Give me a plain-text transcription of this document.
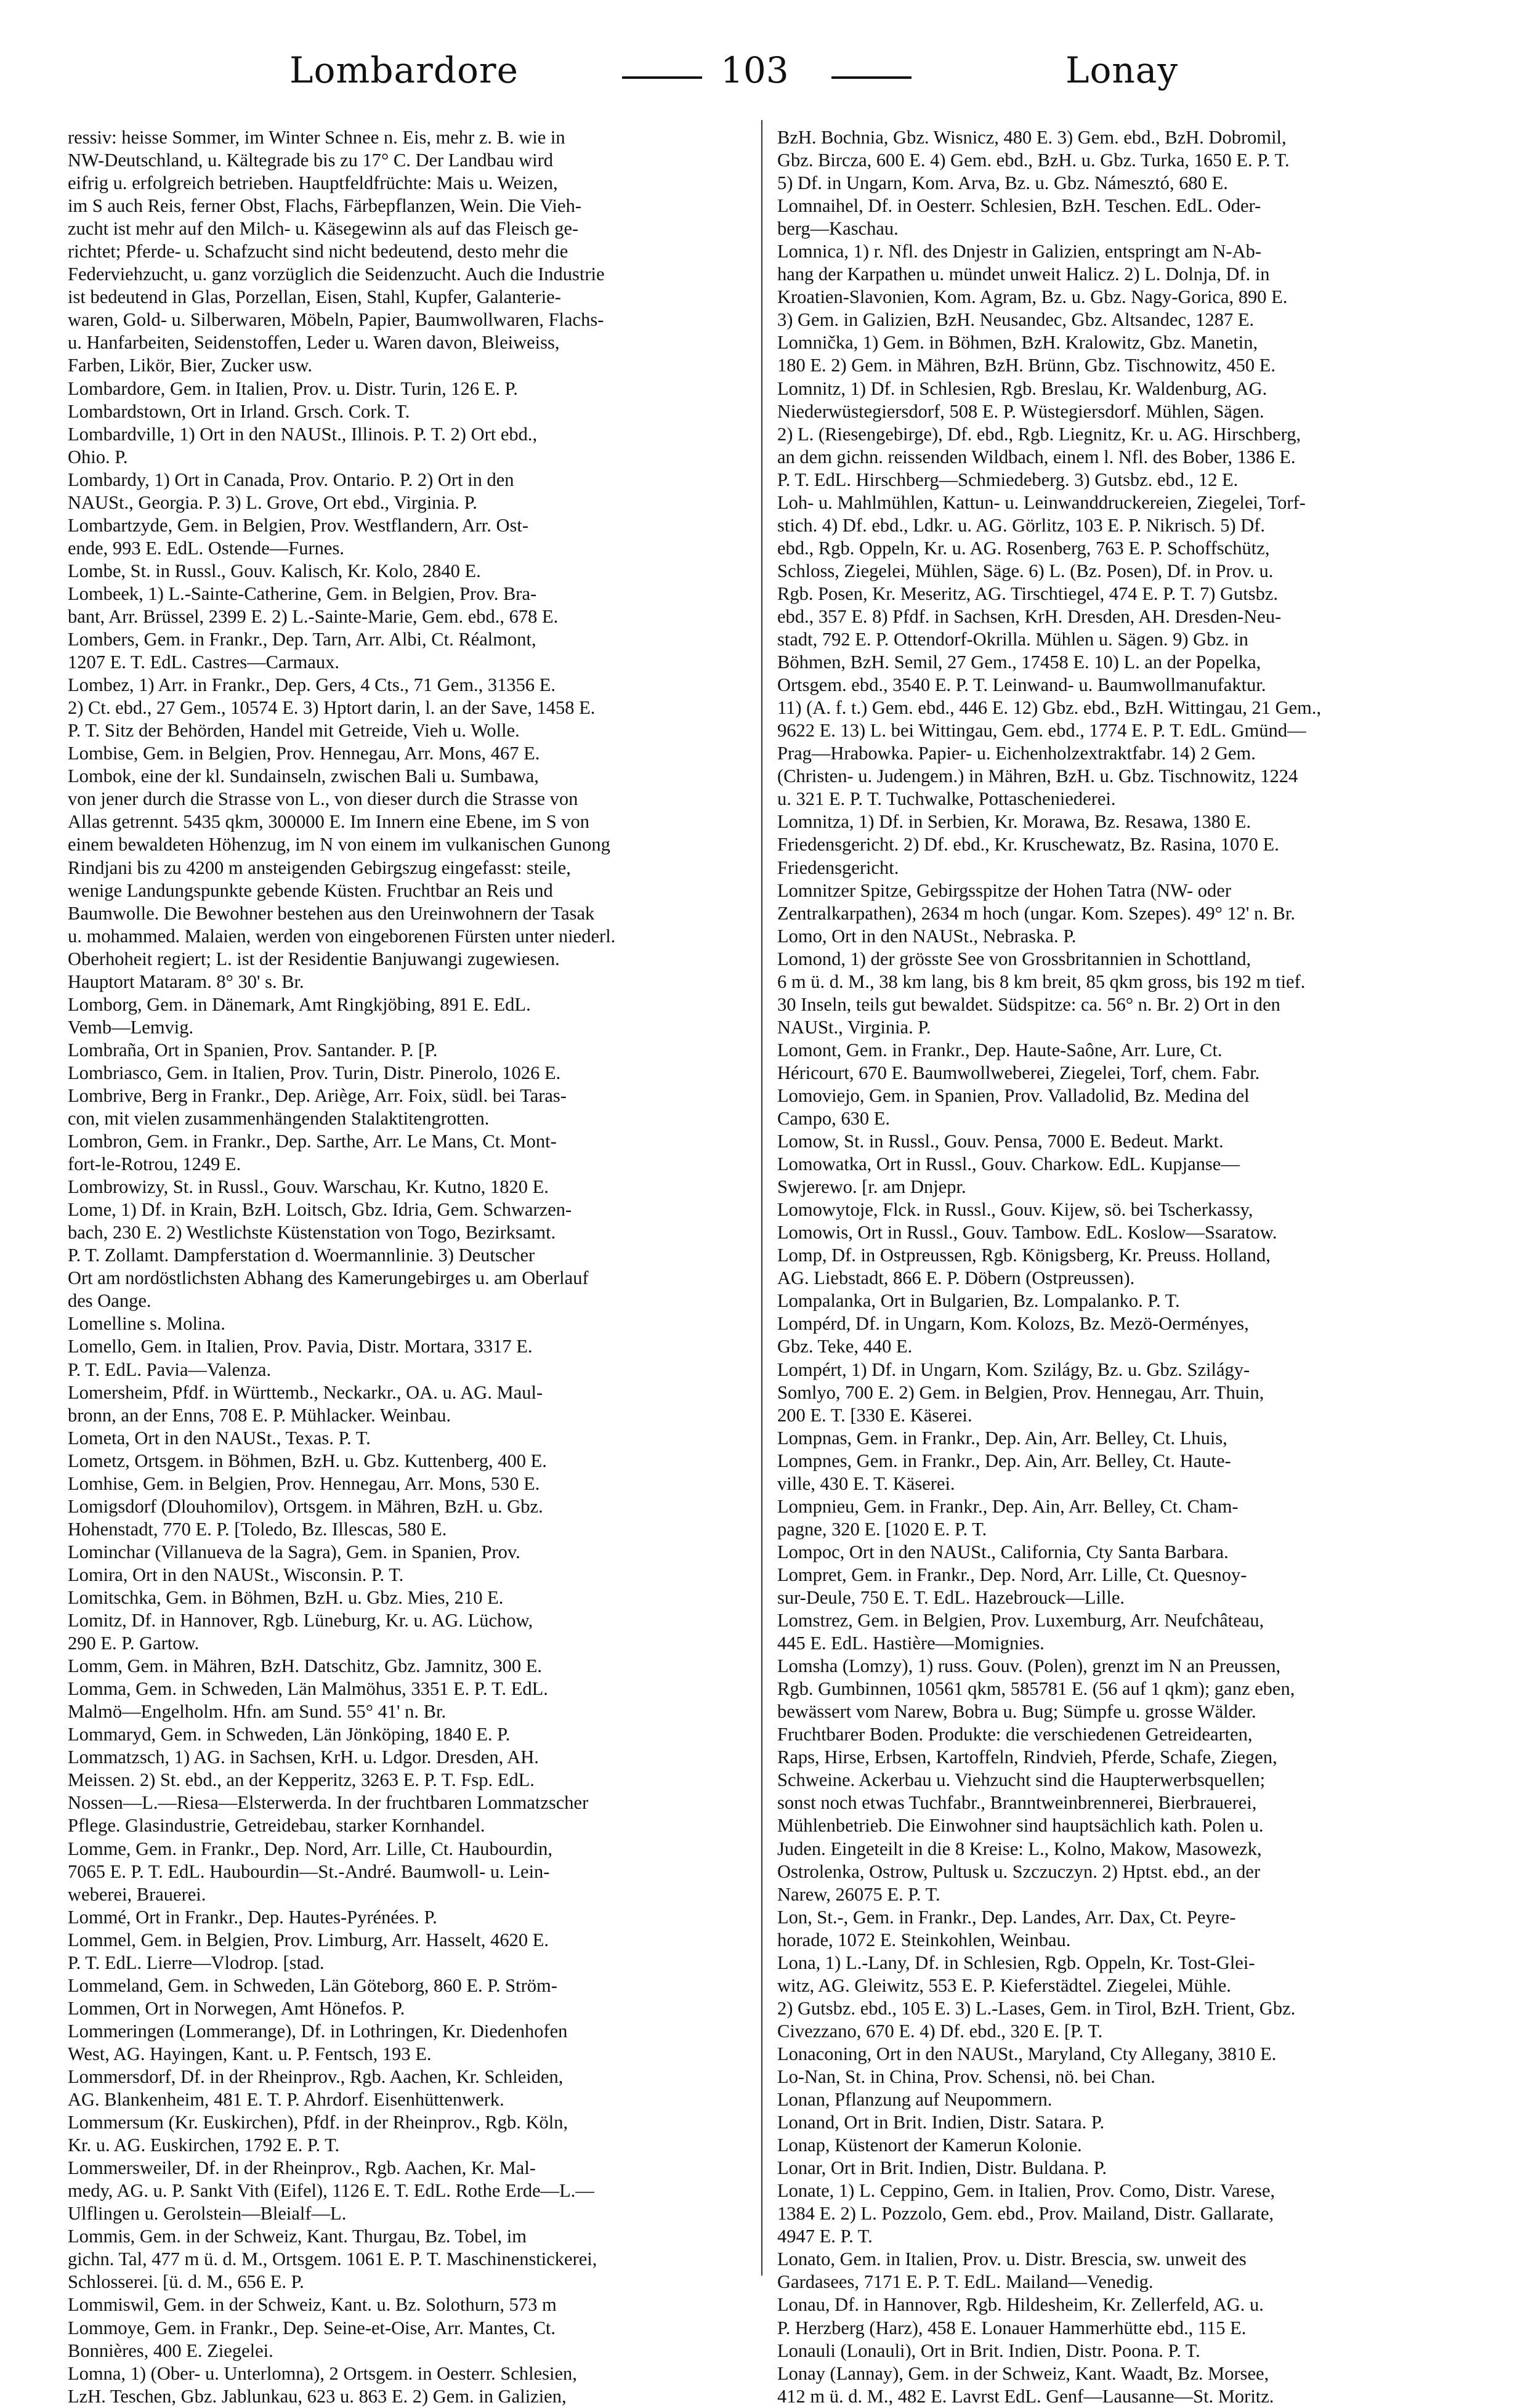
Lombardore	103	Lonay
ressiv: heisse Sommer, im Winter Schnee n. Eis, mehr z. B. wie in
NW-Deutschland, u. Kältegrade bis zu 17° C. Der Landbau wird
eifrig u. erfolgreich betrieben. Hauptfeldfrüchte: Mais u. Weizen,
im S auch Reis, ferner Obst, Flachs, Färbepflanzen, Wein. Die Vieh-
zucht ist mehr auf den Milch- u. Käsegewinn als auf das Fleisch ge-
richtet; Pferde- u. Schafzucht sind nicht bedeutend, desto mehr die
Federviehzucht, u. ganz vorzüglich die Seidenzucht. Auch die Industrie
ist bedeutend in Glas, Porzellan, Eisen, Stahl, Kupfer, Galanterie-
waren, Gold- u. Silberwaren, Möbeln, Papier, Baumwollwaren, Flachs-
u. Hanfarbeiten, Seidenstoffen, Leder u. Waren davon, Bleiweiss,
Farben, Likör, Bier, Zucker usw.
Lombardore, Gem. in Italien, Prov. u. Distr. Turin, 126 E. P.
Lombardstown, Ort in Irland. Grsch. Cork. T.
Lombardville, 1) Ort in den NAUSt., Illinois. P. T. 2) Ort ebd.,
Ohio. P.
Lombardy, 1) Ort in Canada, Prov. Ontario. P. 2) Ort in den
NAUSt., Georgia. P. 3) L. Grove, Ort ebd., Virginia. P.
Lombartzyde, Gem. in Belgien, Prov. Westflandern, Arr. Ost-
ende, 993 E. EdL. Ostende—Furnes.
Lombe, St. in Russl., Gouv. Kalisch, Kr. Kolo, 2840 E.
Lombeek, 1) L.-Sainte-Catherine, Gem. in Belgien, Prov. Bra-
bant, Arr. Brüssel, 2399 E. 2) L.-Sainte-Marie, Gem. ebd., 678 E.
Lombers, Gem. in Frankr., Dep. Tarn, Arr. Albi, Ct. Réalmont,
1207 E. T. EdL. Castres—Carmaux.
Lombez, 1) Arr. in Frankr., Dep. Gers, 4 Cts., 71 Gem., 31356 E.
2) Ct. ebd., 27 Gem., 10574 E. 3) Hptort darin, l. an der Save, 1458 E.
P. T. Sitz der Behörden, Handel mit Getreide, Vieh u. Wolle.
Lombise, Gem. in Belgien, Prov. Hennegau, Arr. Mons, 467 E.
Lombok, eine der kl. Sundainseln, zwischen Bali u. Sumbawa,
von jener durch die Strasse von L., von dieser durch die Strasse von
Allas getrennt. 5435 qkm, 300000 E. Im Innern eine Ebene, im S von
einem bewaldeten Höhenzug, im N von einem im vulkanischen Gunong
Rindjani bis zu 4200 m ansteigenden Gebirgszug eingefasst: steile,
wenige Landungspunkte gebende Küsten. Fruchtbar an Reis und
Baumwolle. Die Bewohner bestehen aus den Ureinwohnern der Tasak
u. mohammed. Malaien, werden von eingeborenen Fürsten unter niederl.
Oberhoheit regiert; L. ist der Residentie Banjuwangi zugewiesen.
Hauptort Mataram. 8° 30' s. Br.
Lomborg, Gem. in Dänemark, Amt Ringkjöbing, 891 E. EdL.
Vemb—Lemvig.
Lombraña, Ort in Spanien, Prov. Santander. P. [P.
Lombriasco, Gem. in Italien, Prov. Turin, Distr. Pinerolo, 1026 E.
Lombrive, Berg in Frankr., Dep. Ariège, Arr. Foix, südl. bei Taras-
con, mit vielen zusammenhängenden Stalaktitengrotten.
Lombron, Gem. in Frankr., Dep. Sarthe, Arr. Le Mans, Ct. Mont-
fort-le-Rotrou, 1249 E.
Lombrowizy, St. in Russl., Gouv. Warschau, Kr. Kutno, 1820 E.
Lome, 1) Df. in Krain, BzH. Loitsch, Gbz. Idria, Gem. Schwarzen-
bach, 230 E. 2) Westlichste Küstenstation von Togo, Bezirksamt.
P. T. Zollamt. Dampferstation d. Woermannlinie. 3) Deutscher
Ort am nordöstlichsten Abhang des Kamerungebirges u. am Oberlauf
des Oange.
Lomelline s. Molina.
Lomello, Gem. in Italien, Prov. Pavia, Distr. Mortara, 3317 E.
P. T. EdL. Pavia—Valenza.
Lomersheim, Pfdf. in Württemb., Neckarkr., OA. u. AG. Maul-
bronn, an der Enns, 708 E. P. Mühlacker. Weinbau.
Lometa, Ort in den NAUSt., Texas. P. T.
Lometz, Ortsgem. in Böhmen, BzH. u. Gbz. Kuttenberg, 400 E.
Lomhise, Gem. in Belgien, Prov. Hennegau, Arr. Mons, 530 E.
Lomigsdorf (Dlouhomilov), Ortsgem. in Mähren, BzH. u. Gbz.
Hohenstadt, 770 E. P. [Toledo, Bz. Illescas, 580 E.
Lominchar (Villanueva de la Sagra), Gem. in Spanien, Prov.
Lomira, Ort in den NAUSt., Wisconsin. P. T.
Lomitschka, Gem. in Böhmen, BzH. u. Gbz. Mies, 210 E.
Lomitz, Df. in Hannover, Rgb. Lüneburg, Kr. u. AG. Lüchow,
290 E. P. Gartow.
Lomm, Gem. in Mähren, BzH. Datschitz, Gbz. Jamnitz, 300 E.
Lomma, Gem. in Schweden, Län Malmöhus, 3351 E. P. T. EdL.
Malmö—Engelholm. Hfn. am Sund. 55° 41' n. Br.
Lommaryd, Gem. in Schweden, Län Jönköping, 1840 E. P.
Lommatzsch, 1) AG. in Sachsen, KrH. u. Ldgor. Dresden, AH.
Meissen. 2) St. ebd., an der Kepperitz, 3263 E. P. T. Fsp. EdL.
Nossen—L.—Riesa—Elsterwerda. In der fruchtbaren Lommatzscher
Pflege. Glasindustrie, Getreidebau, starker Kornhandel.
Lomme, Gem. in Frankr., Dep. Nord, Arr. Lille, Ct. Haubourdin,
7065 E. P. T. EdL. Haubourdin—St.-André. Baumwoll- u. Lein-
weberei, Brauerei.
Lommé, Ort in Frankr., Dep. Hautes-Pyrénées. P.
Lommel, Gem. in Belgien, Prov. Limburg, Arr. Hasselt, 4620 E.
P. T. EdL. Lierre—Vlodrop. [stad.
Lommeland, Gem. in Schweden, Län Göteborg, 860 E. P. Ström-
Lommen, Ort in Norwegen, Amt Hönefos. P.
Lommeringen (Lommerange), Df. in Lothringen, Kr. Diedenhofen
West, AG. Hayingen, Kant. u. P. Fentsch, 193 E.
Lommersdorf, Df. in der Rheinprov., Rgb. Aachen, Kr. Schleiden,
AG. Blankenheim, 481 E. T. P. Ahrdorf. Eisenhüttenwerk.
Lommersum (Kr. Euskirchen), Pfdf. in der Rheinprov., Rgb. Köln,
Kr. u. AG. Euskirchen, 1792 E. P. T.
Lommersweiler, Df. in der Rheinprov., Rgb. Aachen, Kr. Mal-
medy, AG. u. P. Sankt Vith (Eifel), 1126 E. T. EdL. Rothe Erde—L.—
Ulflingen u. Gerolstein—Bleialf—L.
Lommis, Gem. in der Schweiz, Kant. Thurgau, Bz. Tobel, im
gichn. Tal, 477 m ü. d. M., Ortsgem. 1061 E. P. T. Maschinenstickerei,
Schlosserei. [ü. d. M., 656 E. P.
Lommiswil, Gem. in der Schweiz, Kant. u. Bz. Solothurn, 573 m
Lommoye, Gem. in Frankr., Dep. Seine-et-Oise, Arr. Mantes, Ct.
Bonnières, 400 E. Ziegelei.
Lomna, 1) (Ober- u. Unterlomna), 2 Ortsgem. in Oesterr. Schlesien,
LzH. Teschen, Gbz. Jablunkau, 623 u. 863 E. 2) Gem. in Galizien,
BzH. Bochnia, Gbz. Wisnicz, 480 E. 3) Gem. ebd., BzH. Dobromil,
Gbz. Bircza, 600 E. 4) Gem. ebd., BzH. u. Gbz. Turka, 1650 E. P. T.
5) Df. in Ungarn, Kom. Arva, Bz. u. Gbz. Námesztó, 680 E.
Lomnaihel, Df. in Oesterr. Schlesien, BzH. Teschen. EdL. Oder-
berg—Kaschau.
Lomnica, 1) r. Nfl. des Dnjestr in Galizien, entspringt am N-Ab-
hang der Karpathen u. mündet unweit Halicz. 2) L. Dolnja, Df. in
Kroatien-Slavonien, Kom. Agram, Bz. u. Gbz. Nagy-Gorica, 890 E.
3) Gem. in Galizien, BzH. Neusandec, Gbz. Altsandec, 1287 E.
Lomnička, 1) Gem. in Böhmen, BzH. Kralowitz, Gbz. Manetin,
180 E. 2) Gem. in Mähren, BzH. Brünn, Gbz. Tischnowitz, 450 E.
Lomnitz, 1) Df. in Schlesien, Rgb. Breslau, Kr. Waldenburg, AG.
Niederwüstegiersdorf, 508 E. P. Wüstegiersdorf. Mühlen, Sägen.
2) L. (Riesengebirge), Df. ebd., Rgb. Liegnitz, Kr. u. AG. Hirschberg,
an dem gichn. reissenden Wildbach, einem l. Nfl. des Bober, 1386 E.
P. T. EdL. Hirschberg—Schmiedeberg. 3) Gutsbz. ebd., 12 E.
Loh- u. Mahlmühlen, Kattun- u. Leinwanddruckereien, Ziegelei, Torf-
stich. 4) Df. ebd., Ldkr. u. AG. Görlitz, 103 E. P. Nikrisch. 5) Df.
ebd., Rgb. Oppeln, Kr. u. AG. Rosenberg, 763 E. P. Schoffschütz,
Schloss, Ziegelei, Mühlen, Säge. 6) L. (Bz. Posen), Df. in Prov. u.
Rgb. Posen, Kr. Meseritz, AG. Tirschtiegel, 474 E. P. T. 7) Gutsbz.
ebd., 357 E. 8) Pfdf. in Sachsen, KrH. Dresden, AH. Dresden-Neu-
stadt, 792 E. P. Ottendorf-Okrilla. Mühlen u. Sägen. 9) Gbz. in
Böhmen, BzH. Semil, 27 Gem., 17458 E. 10) L. an der Popelka,
Ortsgem. ebd., 3540 E. P. T. Leinwand- u. Baumwollmanufaktur.
11) (A. f. t.) Gem. ebd., 446 E. 12) Gbz. ebd., BzH. Wittingau, 21 Gem.,
9622 E. 13) L. bei Wittingau, Gem. ebd., 1774 E. P. T. EdL. Gmünd—
Prag—Hrabowka. Papier- u. Eichenholzextraktfabr. 14) 2 Gem.
(Christen- u. Judengem.) in Mähren, BzH. u. Gbz. Tischnowitz, 1224
u. 321 E. P. T. Tuchwalke, Pottascheniederei.
Lomnitza, 1) Df. in Serbien, Kr. Morawa, Bz. Resawa, 1380 E.
Friedensgericht. 2) Df. ebd., Kr. Kruschewatz, Bz. Rasina, 1070 E.
Friedensgericht.
Lomnitzer Spitze, Gebirgsspitze der Hohen Tatra (NW- oder
Zentralkarpathen), 2634 m hoch (ungar. Kom. Szepes). 49° 12' n. Br.
Lomo, Ort in den NAUSt., Nebraska. P.
Lomond, 1) der grösste See von Grossbritannien in Schottland,
6 m ü. d. M., 38 km lang, bis 8 km breit, 85 qkm gross, bis 192 m tief.
30 Inseln, teils gut bewaldet. Südspitze: ca. 56° n. Br. 2) Ort in den
NAUSt., Virginia. P.
Lomont, Gem. in Frankr., Dep. Haute-Saône, Arr. Lure, Ct.
Héricourt, 670 E. Baumwollweberei, Ziegelei, Torf, chem. Fabr.
Lomoviejo, Gem. in Spanien, Prov. Valladolid, Bz. Medina del
Campo, 630 E.
Lomow, St. in Russl., Gouv. Pensa, 7000 E. Bedeut. Markt.
Lomowatka, Ort in Russl., Gouv. Charkow. EdL. Kupjanse—
Swjerewo. [r. am Dnjepr.
Lomowytoje, Flck. in Russl., Gouv. Kijew, sö. bei Tscherkassy,
Lomowis, Ort in Russl., Gouv. Tambow. EdL. Koslow—Ssaratow.
Lomp, Df. in Ostpreussen, Rgb. Königsberg, Kr. Preuss. Holland,
AG. Liebstadt, 866 E. P. Döbern (Ostpreussen).
Lompalanka, Ort in Bulgarien, Bz. Lompalanko. P. T.
Lompérd, Df. in Ungarn, Kom. Kolozs, Bz. Mezö-Oerményes,
Gbz. Teke, 440 E.
Lompért, 1) Df. in Ungarn, Kom. Szilágy, Bz. u. Gbz. Szilágy-
Somlyo, 700 E. 2) Gem. in Belgien, Prov. Hennegau, Arr. Thuin,
200 E. T. [330 E. Käserei.
Lompnas, Gem. in Frankr., Dep. Ain, Arr. Belley, Ct. Lhuis,
Lompnes, Gem. in Frankr., Dep. Ain, Arr. Belley, Ct. Haute-
ville, 430 E. T. Käserei.
Lompnieu, Gem. in Frankr., Dep. Ain, Arr. Belley, Ct. Cham-
pagne, 320 E. [1020 E. P. T.
Lompoc, Ort in den NAUSt., California, Cty Santa Barbara.
Lompret, Gem. in Frankr., Dep. Nord, Arr. Lille, Ct. Quesnoy-
sur-Deule, 750 E. T. EdL. Hazebrouck—Lille.
Lomstrez, Gem. in Belgien, Prov. Luxemburg, Arr. Neufchâteau,
445 E. EdL. Hastière—Momignies.
Lomsha (Lomzy), 1) russ. Gouv. (Polen), grenzt im N an Preussen,
Rgb. Gumbinnen, 10561 qkm, 585781 E. (56 auf 1 qkm); ganz eben,
bewässert vom Narew, Bobra u. Bug; Sümpfe u. grosse Wälder.
Fruchtbarer Boden. Produkte: die verschiedenen Getreidearten,
Raps, Hirse, Erbsen, Kartoffeln, Rindvieh, Pferde, Schafe, Ziegen,
Schweine. Ackerbau u. Viehzucht sind die Haupterwerbsquellen;
sonst noch etwas Tuchfabr., Branntweinbrennerei, Bierbrauerei,
Mühlenbetrieb. Die Einwohner sind hauptsächlich kath. Polen u.
Juden. Eingeteilt in die 8 Kreise: L., Kolno, Makow, Masowezk,
Ostrolenka, Ostrow, Pultusk u. Szczuczyn. 2) Hptst. ebd., an der
Narew, 26075 E. P. T.
Lon, St.-, Gem. in Frankr., Dep. Landes, Arr. Dax, Ct. Peyre-
horade, 1072 E. Steinkohlen, Weinbau.
Lona, 1) L.-Lany, Df. in Schlesien, Rgb. Oppeln, Kr. Tost-Glei-
witz, AG. Gleiwitz, 553 E. P. Kieferstädtel. Ziegelei, Mühle.
2) Gutsbz. ebd., 105 E. 3) L.-Lases, Gem. in Tirol, BzH. Trient, Gbz.
Civezzano, 670 E. 4) Df. ebd., 320 E. [P. T.
Lonaconing, Ort in den NAUSt., Maryland, Cty Allegany, 3810 E.
Lo-Nan, St. in China, Prov. Schensi, nö. bei Chan.
Lonan, Pflanzung auf Neupommern.
Lonand, Ort in Brit. Indien, Distr. Satara. P.
Lonap, Küstenort der Kamerun Kolonie.
Lonar, Ort in Brit. Indien, Distr. Buldana. P.
Lonate, 1) L. Ceppino, Gem. in Italien, Prov. Como, Distr. Varese,
1384 E. 2) L. Pozzolo, Gem. ebd., Prov. Mailand, Distr. Gallarate,
4947 E. P. T.
Lonato, Gem. in Italien, Prov. u. Distr. Brescia, sw. unweit des
Gardasees, 7171 E. P. T. EdL. Mailand—Venedig.
Lonau, Df. in Hannover, Rgb. Hildesheim, Kr. Zellerfeld, AG. u.
P. Herzberg (Harz), 458 E. Lonauer Hammerhütte ebd., 115 E.
Lonauli (Lonauli), Ort in Brit. Indien, Distr. Poona. P. T.
Lonay (Lannay), Gem. in der Schweiz, Kant. Waadt, Bz. Morsee,
412 m ü. d. M., 482 E. Lavrst EdL. Genf—Lausanne—St. Moritz.
